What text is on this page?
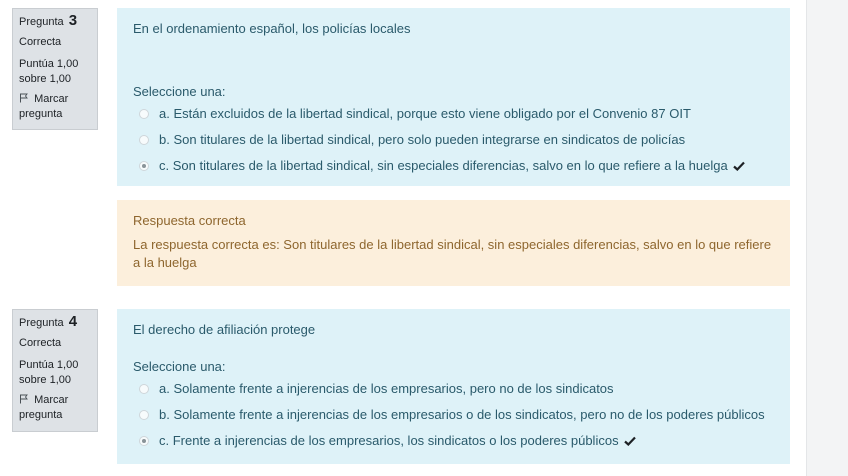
Pregunta 3
Correcta
Puntúa 1,00
sobre 1,00
Marcar
pregunta
En el ordenamiento español, los policías locales
Seleccione una:
a. Están excluidos de la libertad sindical, porque esto viene obligado por el Convenio 87 OIT
b. Son titulares de la libertad sindical, pero solo pueden integrarse en sindicatos de policías
c. Son titulares de la libertad sindical, sin especiales diferencias, salvo en lo que refiere a la huelga
Respuesta correcta
La respuesta correcta es: Son titulares de la libertad sindical, sin especiales diferencias, salvo en lo que refiere a la huelga
Pregunta 4
Correcta
Puntúa 1,00
sobre 1,00
Marcar
pregunta
El derecho de afiliación protege
Seleccione una:
a. Solamente frente a injerencias de los empresarios, pero no de los sindicatos
b. Solamente frente a injerencias de los empresarios o de los sindicatos, pero no de los poderes públicos
c. Frente a injerencias de los empresarios, los sindicatos o los poderes públicos
